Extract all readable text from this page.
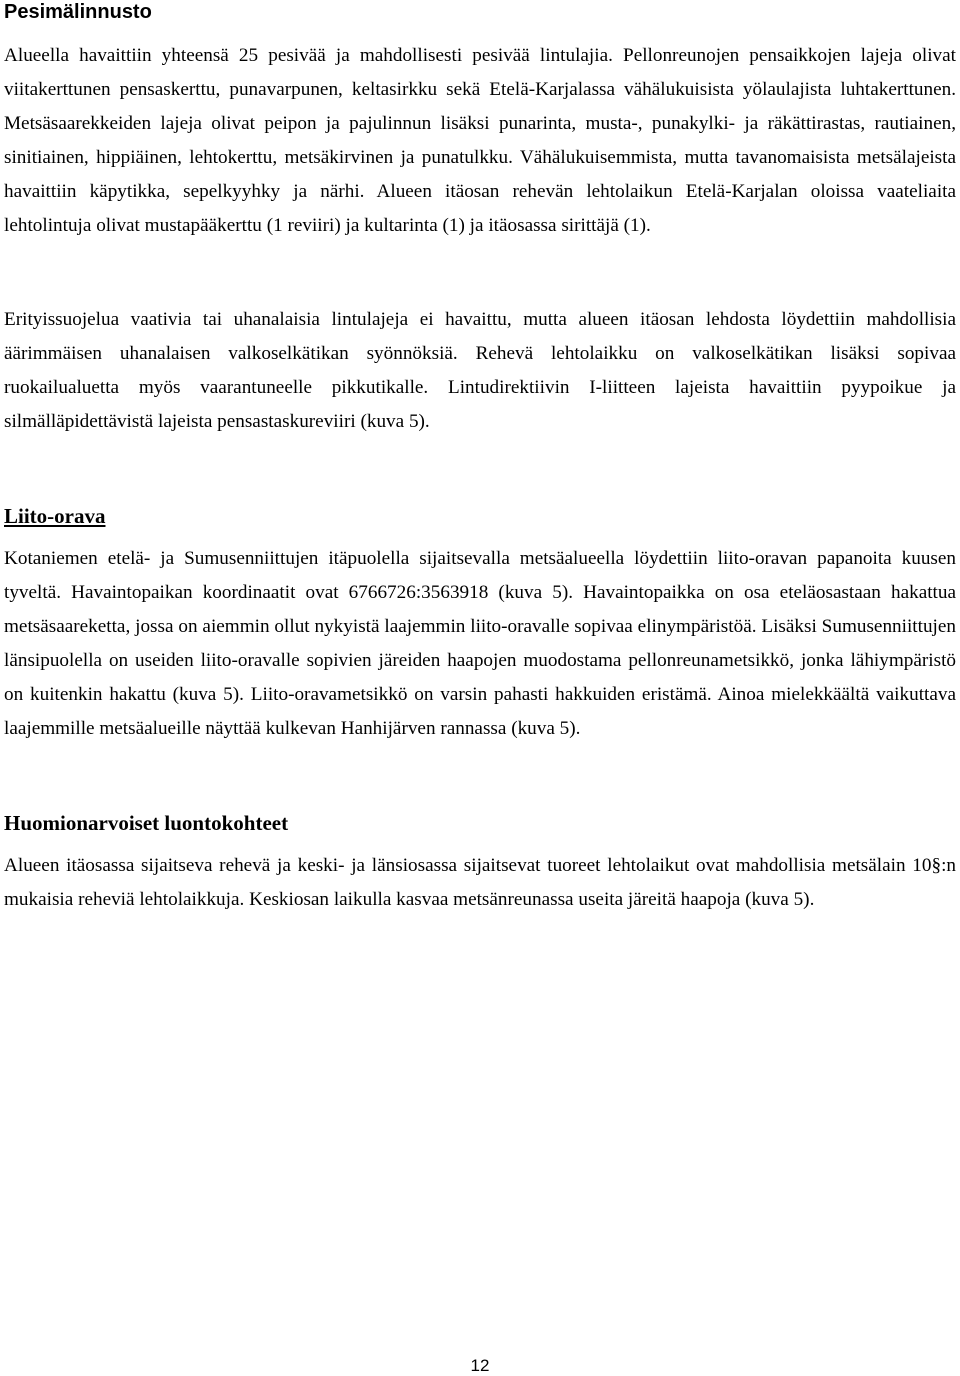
Pesimälinnusto

Alueella havaittiin yhteensä 25 pesivää ja mahdollisesti pesivää lintulajia. Pellonreunojen pensaikkojen lajeja olivat viitakerttunen pensaskerttu, punavarpunen, keltasirkku sekä Etelä-Karjalassa vähälukuisista yölaulajista luhtakerttunen. Metsäsaarekkeiden lajeja olivat peipon ja pajulinnun lisäksi punarinta, musta-, punakylki- ja räkättirastas, rautiainen, sinitiainen, hippiäinen, lehtokerttu, metsäkirvinen ja punatulkku. Vähälukuisemmista, mutta tavanomaisista metsälajeista havaittiin käpytikka, sepelkyyhky ja närhi. Alueen itäosan rehevän lehtolaikun Etelä-Karjalan oloissa vaateliaita lehtolintuja olivat mustapääkerttu (1 reviiri) ja kultarinta (1) ja itäosassa sirittäjä (1).

Erityissuojelua vaativia tai uhanalaisia lintulajeja ei havaittu, mutta alueen itäosan lehdosta löydettiin mahdollisia äärimmäisen uhanalaisen valkoselkätikan syönnöksiä. Rehevä lehtolaikku on valkoselkätikan lisäksi sopivaa ruokailualuetta myös vaarantuneelle pikkutikalle. Lintudirektiivin I-liitteen lajeista havaittiin pyypoikue ja silmälläpidettävistä lajeista pensastaskureviiri (kuva 5).

Liito-orava

Kotaniemen etelä- ja Sumusenniittujen itäpuolella sijaitsevalla metsäalueella löydettiin liito-oravan papanoita kuusen tyveltä. Havaintopaikan koordinaatit ovat 6766726:3563918 (kuva 5). Havaintopaikka on osa eteläosastaan hakattua metsäsaareketta, jossa on aiemmin ollut nykyistä laajemmin liito-oravalle sopivaa elinympäristöä. Lisäksi Sumusenniittujen länsipuolella on useiden liito-oravalle sopivien järeiden haapojen muodostama pellonreunametsikkö, jonka lähiympäristö on kuitenkin hakattu (kuva 5). Liito-oravametsikkö on varsin pahasti hakkuiden eristämä. Ainoa mielekkäältä vaikuttava laajemmille metsäalueille näyttää kulkevan Hanhijärven rannassa (kuva 5).

Huomionarvoiset luontokohteet

Alueen itäosassa sijaitseva rehevä ja keski- ja länsiosassa sijaitsevat tuoreet lehtolaikut ovat mahdollisia metsälain 10§:n mukaisia reheviä lehtolaikkuja. Keskiosan laikulla kasvaa metsänreunassa useita järeitä haapoja (kuva 5).

12
